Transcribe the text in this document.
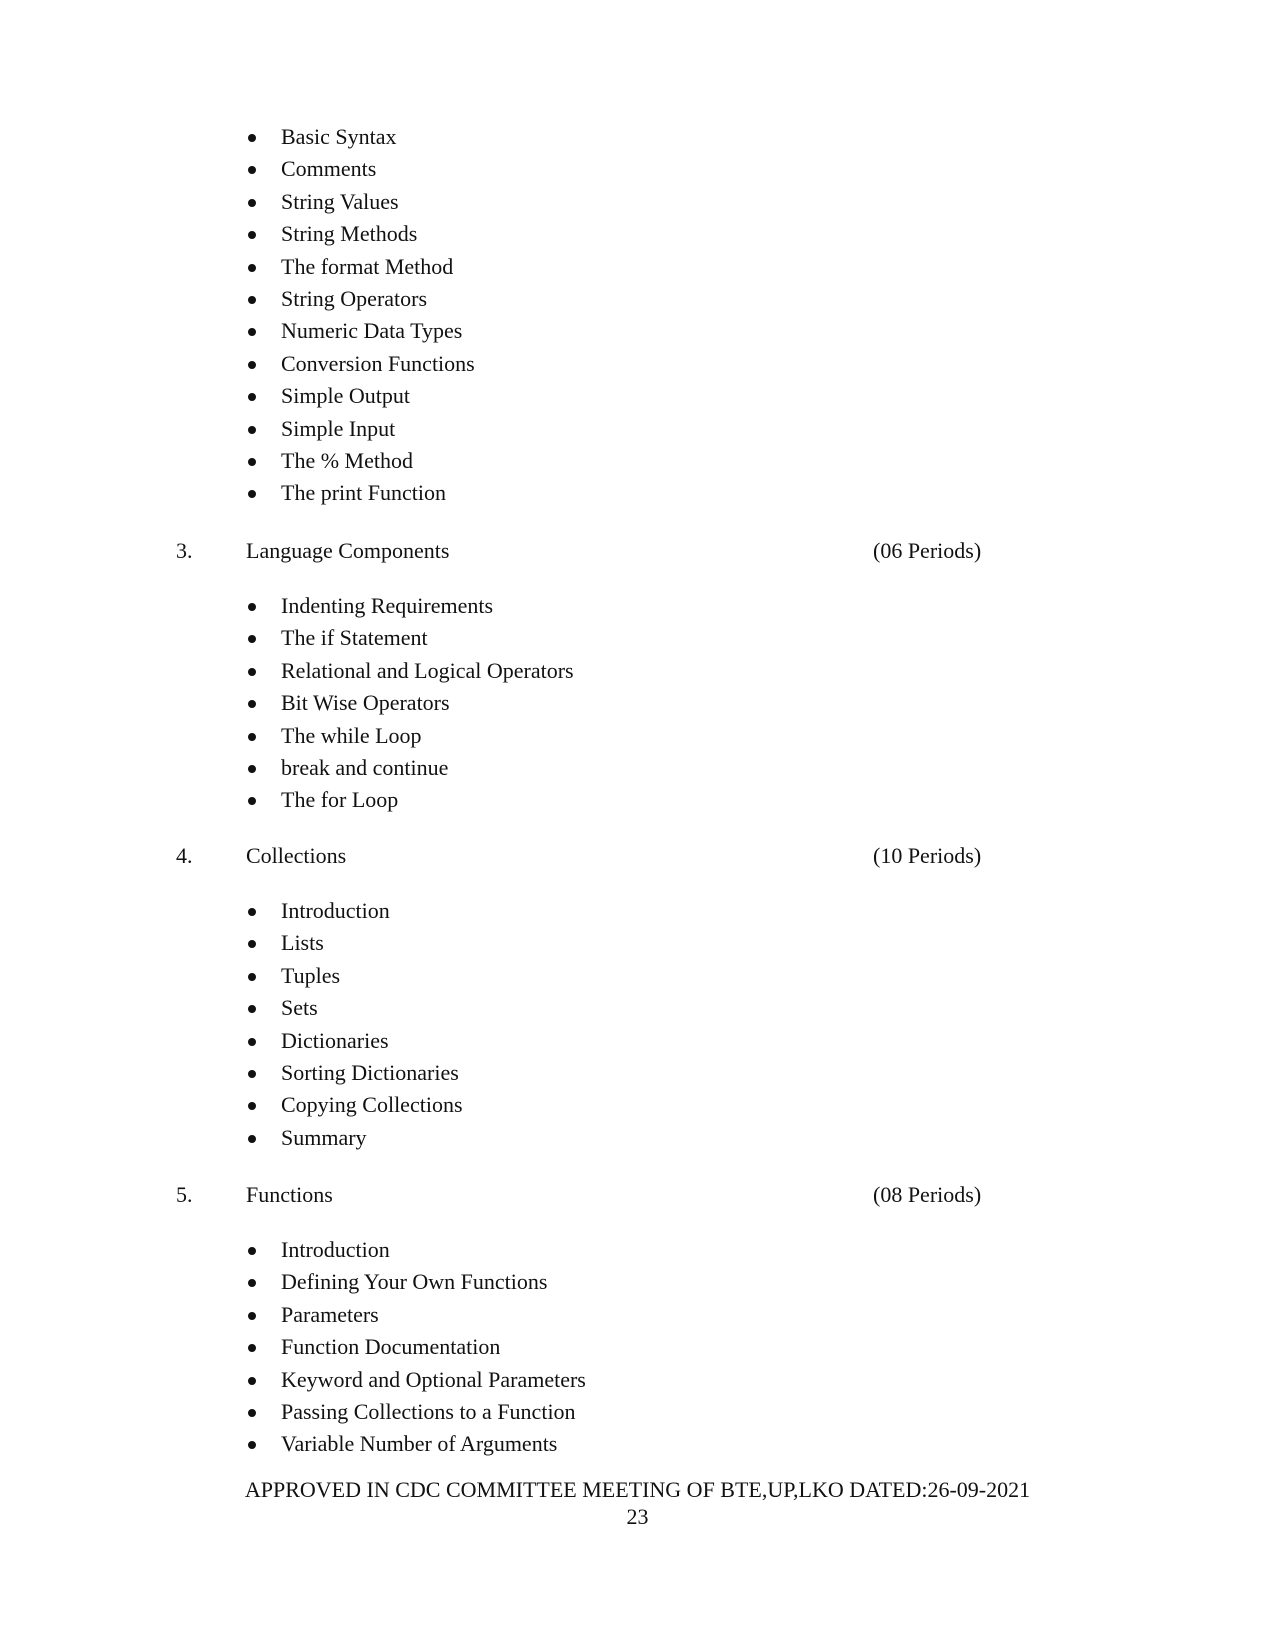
Basic Syntax
Comments
String Values
String Methods
The format Method
String Operators
Numeric Data Types
Conversion Functions
Simple Output
Simple Input
The % Method
The print Function
3. Language Components	(06 Periods)
Indenting Requirements
The if Statement
Relational and Logical Operators
Bit Wise Operators
The while Loop
break and continue
The for Loop
4. Collections	(10 Periods)
Introduction
Lists
Tuples
Sets
Dictionaries
Sorting Dictionaries
Copying Collections
Summary
5. Functions	(08 Periods)
Introduction
Defining Your Own Functions
Parameters
Function Documentation
Keyword and Optional Parameters
Passing Collections to a Function
Variable Number of Arguments
APPROVED IN CDC COMMITTEE MEETING OF BTE,UP,LKO DATED:26-09-2021
23
